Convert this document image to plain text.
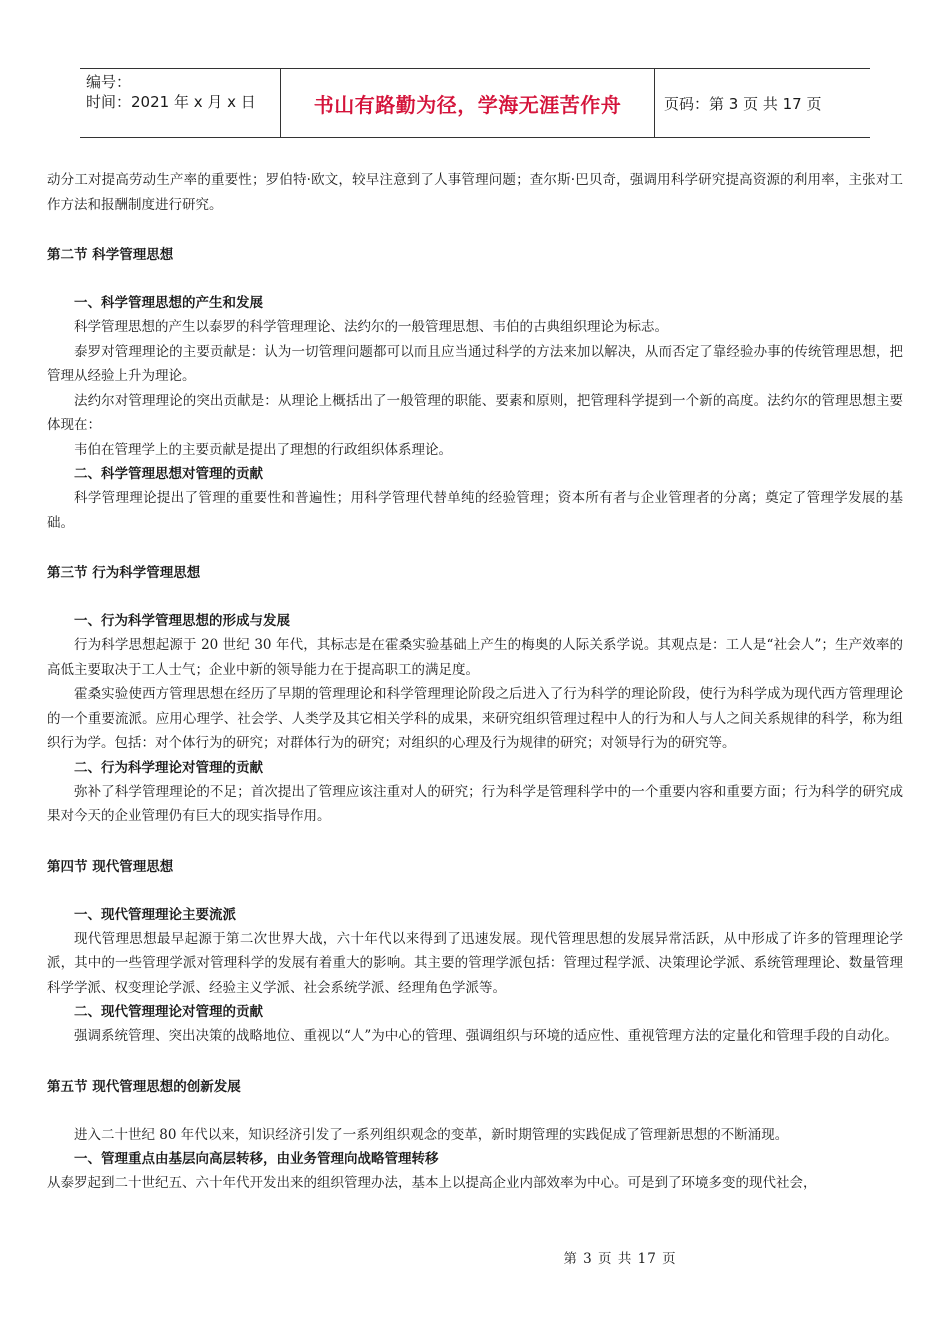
编号：
时间：2021 年 x 月 x 日	书山有路勤为径，学海无涯苦作舟	页码：第 3 页 共 17 页

动分工对提高劳动生产率的重要性；罗伯特·欧文，较早注意到了人事管理问题；查尔斯·巴贝奇，强调用科学研究提高资源的利用率，主张对工作方法和报酬制度进行研究。

第二节 科学管理思想

一、科学管理思想的产生和发展

科学管理思想的产生以泰罗的科学管理理论、法约尔的一般管理思想、韦伯的古典组织理论为标志。

泰罗对管理理论的主要贡献是：认为一切管理问题都可以而且应当通过科学的方法来加以解决，从而否定了靠经验办事的传统管理思想，把管理从经验上升为理论。

法约尔对管理理论的突出贡献是：从理论上概括出了一般管理的职能、要素和原则，把管理科学提到一个新的高度。法约尔的管理思想主要体现在：

韦伯在管理学上的主要贡献是提出了理想的行政组织体系理论。

二、科学管理思想对管理的贡献

科学管理理论提出了管理的重要性和普遍性；用科学管理代替单纯的经验管理；资本所有者与企业管理者的分离；奠定了管理学发展的基础。

第三节 行为科学管理思想

一、行为科学管理思想的形成与发展

行为科学思想起源于 20 世纪 30 年代，其标志是在霍桑实验基础上产生的梅奥的人际关系学说。其观点是：工人是“社会人”；生产效率的高低主要取决于工人士气；企业中新的领导能力在于提高职工的满足度。

霍桑实验使西方管理思想在经历了早期的管理理论和科学管理理论阶段之后进入了行为科学的理论阶段，使行为科学成为现代西方管理理论的一个重要流派。应用心理学、社会学、人类学及其它相关学科的成果，来研究组织管理过程中人的行为和人与人之间关系规律的科学，称为组织行为学。包括：对个体行为的研究；对群体行为的研究；对组织的心理及行为规律的研究；对领导行为的研究等。

二、行为科学理论对管理的贡献

弥补了科学管理理论的不足；首次提出了管理应该注重对人的研究；行为科学是管理科学中的一个重要内容和重要方面；行为科学的研究成果对今天的企业管理仍有巨大的现实指导作用。

第四节 现代管理思想

一、现代管理理论主要流派

现代管理思想最早起源于第二次世界大战，六十年代以来得到了迅速发展。现代管理思想的发展异常活跃，从中形成了许多的管理理论学派，其中的一些管理学派对管理科学的发展有着重大的影响。其主要的管理学派包括：管理过程学派、决策理论学派、系统管理理论、数量管理科学学派、权变理论学派、经验主义学派、社会系统学派、经理角色学派等。

二、现代管理理论对管理的贡献

强调系统管理、突出决策的战略地位、重视以“人”为中心的管理、强调组织与环境的适应性、重视管理方法的定量化和管理手段的自动化。

第五节 现代管理思想的创新发展

进入二十世纪 80 年代以来，知识经济引发了一系列组织观念的变革，新时期管理的实践促成了管理新思想的不断涌现。

一、管理重点由基层向高层转移，由业务管理向战略管理转移

从泰罗起到二十世纪五、六十年代开发出来的组织管理办法，基本上以提高企业内部效率为中心。可是到了环境多变的现代社会，

第 3 页 共 17 页
